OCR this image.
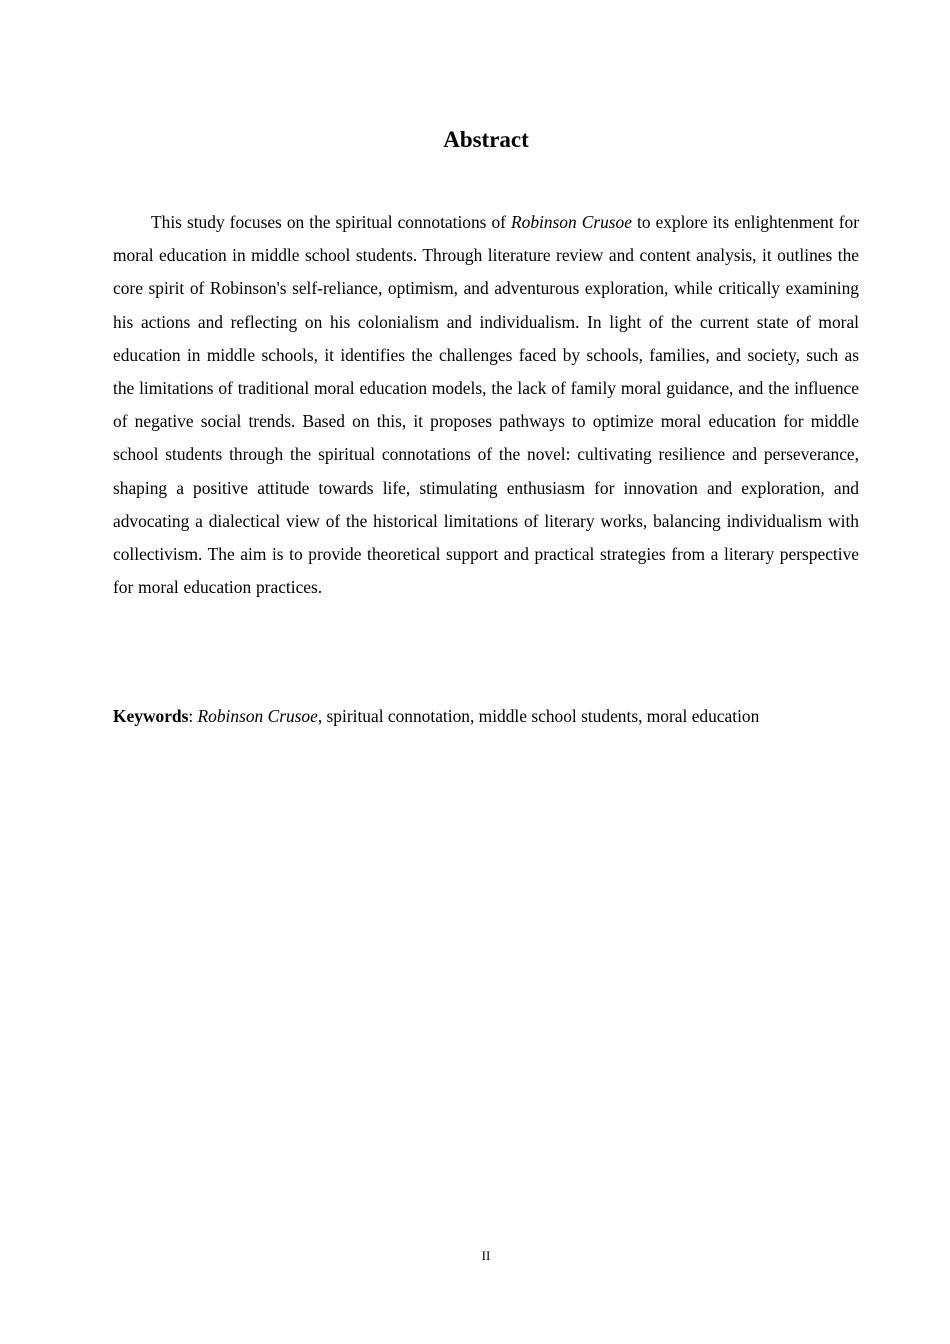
Abstract

This study focuses on the spiritual connotations of Robinson Crusoe to explore its enlightenment for moral education in middle school students. Through literature review and content analysis, it outlines the core spirit of Robinson's self-reliance, optimism, and adventurous exploration, while critically examining his actions and reflecting on his colonialism and individualism. In light of the current state of moral education in middle schools, it identifies the challenges faced by schools, families, and society, such as the limitations of traditional moral education models, the lack of family moral guidance, and the influence of negative social trends. Based on this, it proposes pathways to optimize moral education for middle school students through the spiritual connotations of the novel: cultivating resilience and perseverance, shaping a positive attitude towards life, stimulating enthusiasm for innovation and exploration, and advocating a dialectical view of the historical limitations of literary works, balancing individualism with collectivism. The aim is to provide theoretical support and practical strategies from a literary perspective for moral education practices.

Keywords: Robinson Crusoe, spiritual connotation, middle school students, moral education

II
